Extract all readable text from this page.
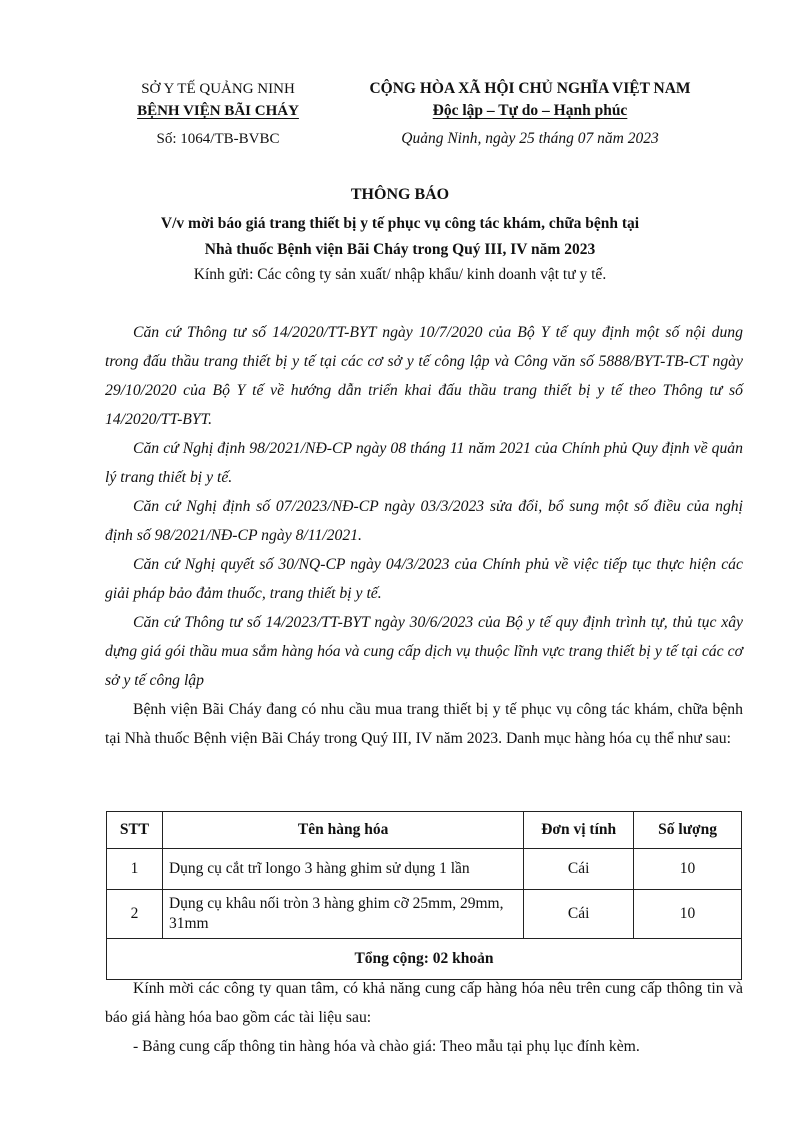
SỞ Y TẾ QUẢNG NINH
BỆNH VIỆN BÃI CHÁY
Số: 1064/TB-BVBC
CỘNG HÒA XÃ HỘI CHỦ NGHĨA VIỆT NAM
Độc lập – Tự do – Hạnh phúc
Quảng Ninh, ngày 25 tháng 07 năm 2023
THÔNG BÁO
V/v mời báo giá trang thiết bị y tế phục vụ công tác khám, chữa bệnh tại
Nhà thuốc Bệnh viện Bãi Cháy trong Quý III, IV năm 2023
Kính gửi: Các công ty sản xuất/ nhập khẩu/ kinh doanh vật tư y tế.

Căn cứ Thông tư số 14/2020/TT-BYT ngày 10/7/2020 của Bộ Y tế quy định một số nội dung trong đấu thầu trang thiết bị y tế tại các cơ sở y tế công lập và Công văn số 5888/BYT-TB-CT ngày 29/10/2020 của Bộ Y tế về hướng dẫn triển khai đấu thầu trang thiết bị y tế theo Thông tư số 14/2020/TT-BYT.

Căn cứ Nghị định 98/2021/NĐ-CP ngày 08 tháng 11 năm 2021 của Chính phủ Quy định về quản lý trang thiết bị y tế.

Căn cứ Nghị định số 07/2023/NĐ-CP ngày 03/3/2023 sửa đổi, bổ sung một số điều của nghị định số 98/2021/NĐ-CP ngày 8/11/2021.

Căn cứ Nghị quyết số 30/NQ-CP ngày 04/3/2023 của Chính phủ về việc tiếp tục thực hiện các giải pháp bảo đảm thuốc, trang thiết bị y tế.

Căn cứ Thông tư số 14/2023/TT-BYT ngày 30/6/2023 của Bộ y tế quy định trình tự, thủ tục xây dựng giá gói thầu mua sắm hàng hóa và cung cấp dịch vụ thuộc lĩnh vực trang thiết bị y tế tại các cơ sở y tế công lập

Bệnh viện Bãi Cháy đang có nhu cầu mua trang thiết bị y tế phục vụ công tác khám, chữa bệnh tại Nhà thuốc Bệnh viện Bãi Cháy trong Quý III, IV năm 2023. Danh mục hàng hóa cụ thể như sau:

STT	Tên hàng hóa	Đơn vị tính	Số lượng
1	Dụng cụ cắt trĩ longo 3 hàng ghim sử dụng 1 lần	Cái	10
2	Dụng cụ khâu nối tròn 3 hàng ghim cỡ 25mm, 29mm, 31mm	Cái	10
Tổng cộng: 02 khoản			

Kính mời các công ty quan tâm, có khả năng cung cấp hàng hóa nêu trên cung cấp thông tin và báo giá hàng hóa bao gồm các tài liệu sau:

- Bảng cung cấp thông tin hàng hóa và chào giá: Theo mẫu tại phụ lục đính kèm.
